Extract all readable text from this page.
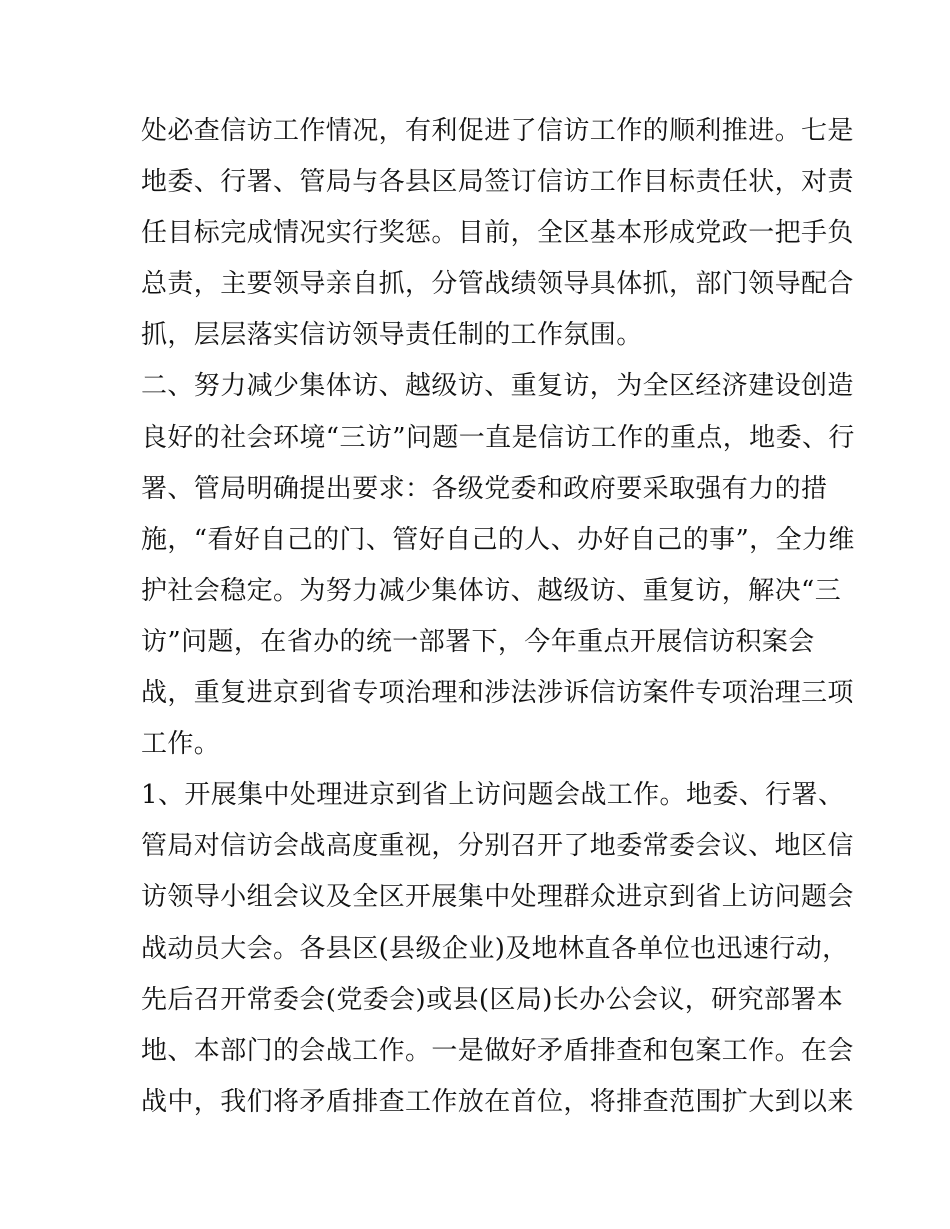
处必查信访工作情况，有利促进了信访工作的顺利推进。七是
地委、行署、管局与各县区局签订信访工作目标责任状，对责
任目标完成情况实行奖惩。目前，全区基本形成党政一把手负
总责，主要领导亲自抓，分管战绩领导具体抓，部门领导配合
抓，层层落实信访领导责任制的工作氛围。
二、努力减少集体访、越级访、重复访，为全区经济建设创造
良好的社会环境“三访”问题一直是信访工作的重点，地委、行
署、管局明确提出要求：各级党委和政府要采取强有力的措
施，“看好自己的门、管好自己的人、办好自己的事”，全力维
护社会稳定。为努力减少集体访、越级访、重复访，解决“三
访”问题，在省办的统一部署下，今年重点开展信访积案会
战，重复进京到省专项治理和涉法涉诉信访案件专项治理三项
工作。
1、开展集中处理进京到省上访问题会战工作。地委、行署、
管局对信访会战高度重视，分别召开了地委常委会议、地区信
访领导小组会议及全区开展集中处理群众进京到省上访问题会
战动员大会。各县区(县级企业)及地林直各单位也迅速行动，
先后召开常委会(党委会)或县(区局)长办公会议，研究部署本
地、本部门的会战工作。一是做好矛盾排查和包案工作。在会
战中，我们将矛盾排查工作放在首位，将排查范围扩大到以来
